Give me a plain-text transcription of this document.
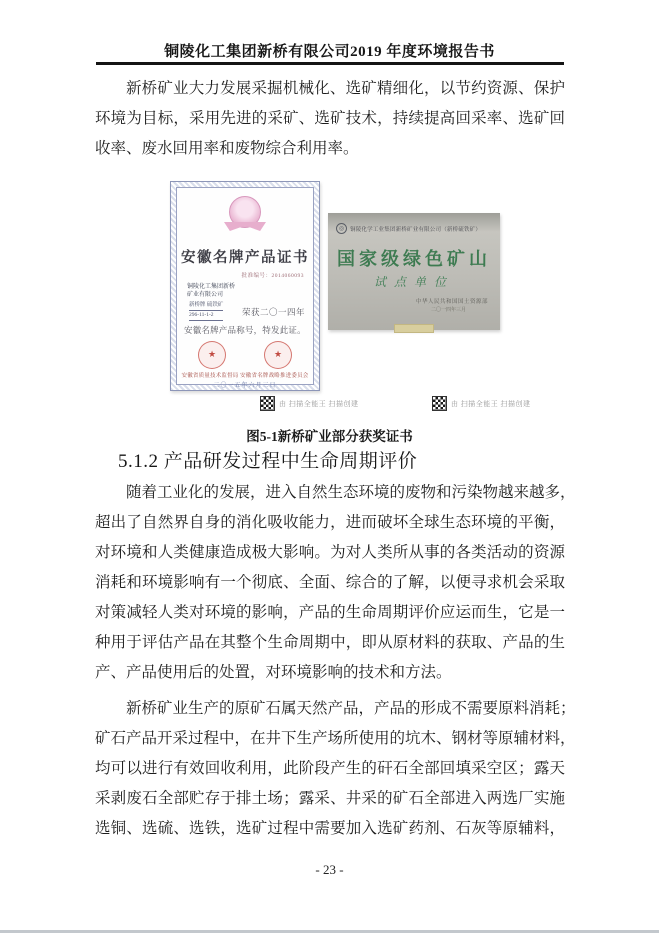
铜陵化工集团新桥有限公司2019 年度环境报告书
新桥矿业大力发展采掘机械化、选矿精细化，以节约资源、保护
环境为目标，采用先进的采矿、选矿技术，持续提高回采率、选矿回
收率、废水回用率和废物综合利用率。
安徽名牌产品证书
批准编号：2014060093
铜陵化工集团新桥
矿业有限公司
新桥牌 硫铁矿
296-11-1-2	荣获二〇一四年
安徽名牌产品称号，特发此证。
★	★
安徽省质量技术监督局 安徽省名牌战略推进委员会
二〇一五年六月三日
◎	铜陵化学工业集团新桥矿业有限公司（新桥硫铁矿）
国家级绿色矿山
试点单位
中华人民共和国国土资源部
二〇一四年三月
由 扫描全能王 扫描创建	由 扫描全能王 扫描创建
图5-1新桥矿业部分获奖证书
5.1.2 产品研发过程中生命周期评价
随着工业化的发展，进入自然生态环境的废物和污染物越来越多，
超出了自然界自身的消化吸收能力，进而破坏全球生态环境的平衡，
对环境和人类健康造成极大影响。为对人类所从事的各类活动的资源
消耗和环境影响有一个彻底、全面、综合的了解，以便寻求机会采取
对策减轻人类对环境的影响，产品的生命周期评价应运而生，它是一
种用于评估产品在其整个生命周期中，即从原材料的获取、产品的生
产、产品使用后的处置，对环境影响的技术和方法。
新桥矿业生产的原矿石属天然产品，产品的形成不需要原料消耗；
矿石产品开采过程中，在井下生产场所使用的坑木、钢材等原辅材料，
均可以进行有效回收利用，此阶段产生的矸石全部回填采空区；露天
采剥废石全部贮存于排土场；露采、井采的矿石全部进入两选厂实施
选铜、选硫、选铁，选矿过程中需要加入选矿药剂、石灰等原辅料，
- 23 -
